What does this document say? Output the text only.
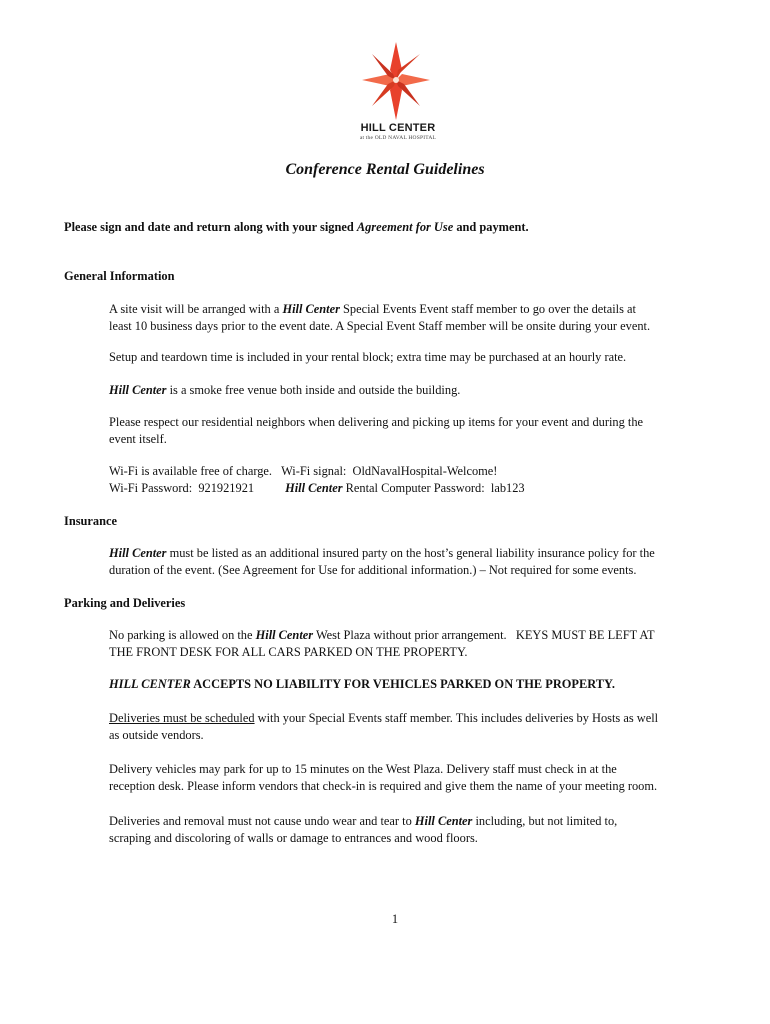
HILL CENTER
at the OLD NAVAL HOSPITAL
Conference Rental Guidelines
Please sign and date and return along with your signed Agreement for Use and payment.
General Information
A site visit will be arranged with a Hill Center Special Events Event staff member to go over the details at
least 10 business days prior to the event date. A Special Event Staff member will be onsite during your event.
Setup and teardown time is included in your rental block; extra time may be purchased at an hourly rate.
Hill Center is a smoke free venue both inside and outside the building.
Please respect our residential neighbors when delivering and picking up items for your event and during the
event itself.
Wi-Fi is available free of charge.   Wi-Fi signal:  OldNavalHospital-Welcome!
Wi-Fi Password:  921921921          Hill Center Rental Computer Password:  lab123
Insurance
Hill Center must be listed as an additional insured party on the host’s general liability insurance policy for the
duration of the event. (See Agreement for Use for additional information.) – Not required for some events.
Parking and Deliveries
No parking is allowed on the Hill Center West Plaza without prior arrangement.   KEYS MUST BE LEFT AT
THE FRONT DESK FOR ALL CARS PARKED ON THE PROPERTY.
HILL CENTER ACCEPTS NO LIABILITY FOR VEHICLES PARKED ON THE PROPERTY.
Deliveries must be scheduled with your Special Events staff member. This includes deliveries by Hosts as well
as outside vendors.
Delivery vehicles may park for up to 15 minutes on the West Plaza. Delivery staff must check in at the
reception desk. Please inform vendors that check-in is required and give them the name of your meeting room.
Deliveries and removal must not cause undo wear and tear to Hill Center including, but not limited to,
scraping and discoloring of walls or damage to entrances and wood floors.
1
